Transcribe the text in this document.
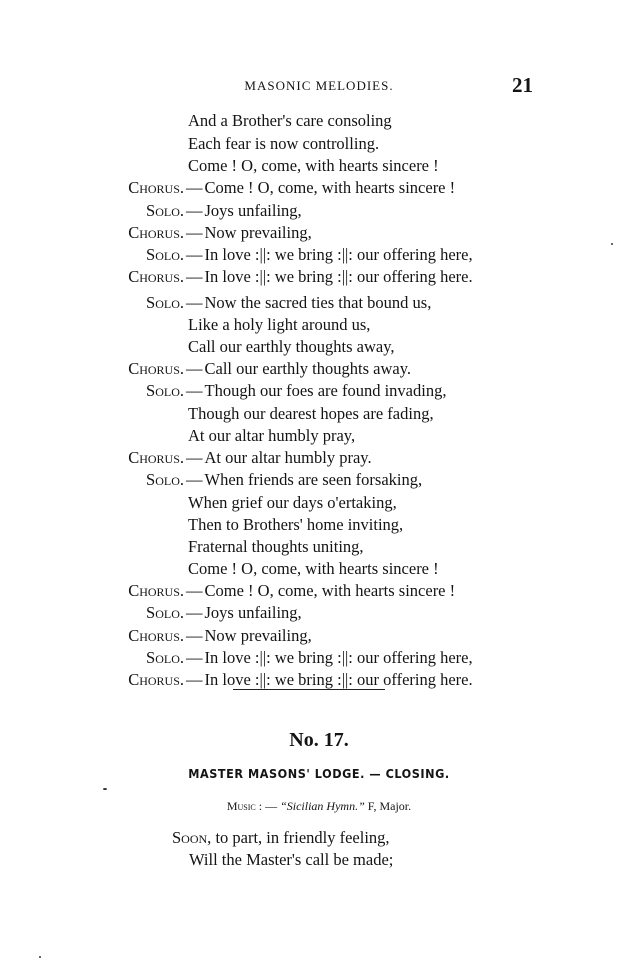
MASONIC MELODIES.	21
And a Brother's care consoling
Each fear is now controlling.
Come ! O, come, with hearts sincere !
Chorus. — Come ! O, come, with hearts sincere !
Solo. — Joys unfailing,
Chorus. — Now prevailing,
Solo. — In love :||: we bring :||: our offering here,
Chorus. — In love :||: we bring :||: our offering here.
Solo. — Now the sacred ties that bound us,
Like a holy light around us,
Call our earthly thoughts away,
Chorus. — Call our earthly thoughts away.
Solo. — Though our foes are found invading,
Though our dearest hopes are fading,
At our altar humbly pray,
Chorus. — At our altar humbly pray.
Solo. — When friends are seen forsaking,
When grief our days o'ertaking,
Then to Brothers' home inviting,
Fraternal thoughts uniting,
Come ! O, come, with hearts sincere !
Chorus. — Come ! O, come, with hearts sincere !
Solo. — Joys unfailing,
Chorus. — Now prevailing,
Solo. — In love :||: we bring :||: our offering here,
Chorus. — In love :||: we bring :||: our offering here.
No. 17.
MASTER MASONS' LODGE. — CLOSING.
Music : — “Sicilian Hymn.” F, Major.
Soon, to part, in friendly feeling,
Will the Master's call be made;
